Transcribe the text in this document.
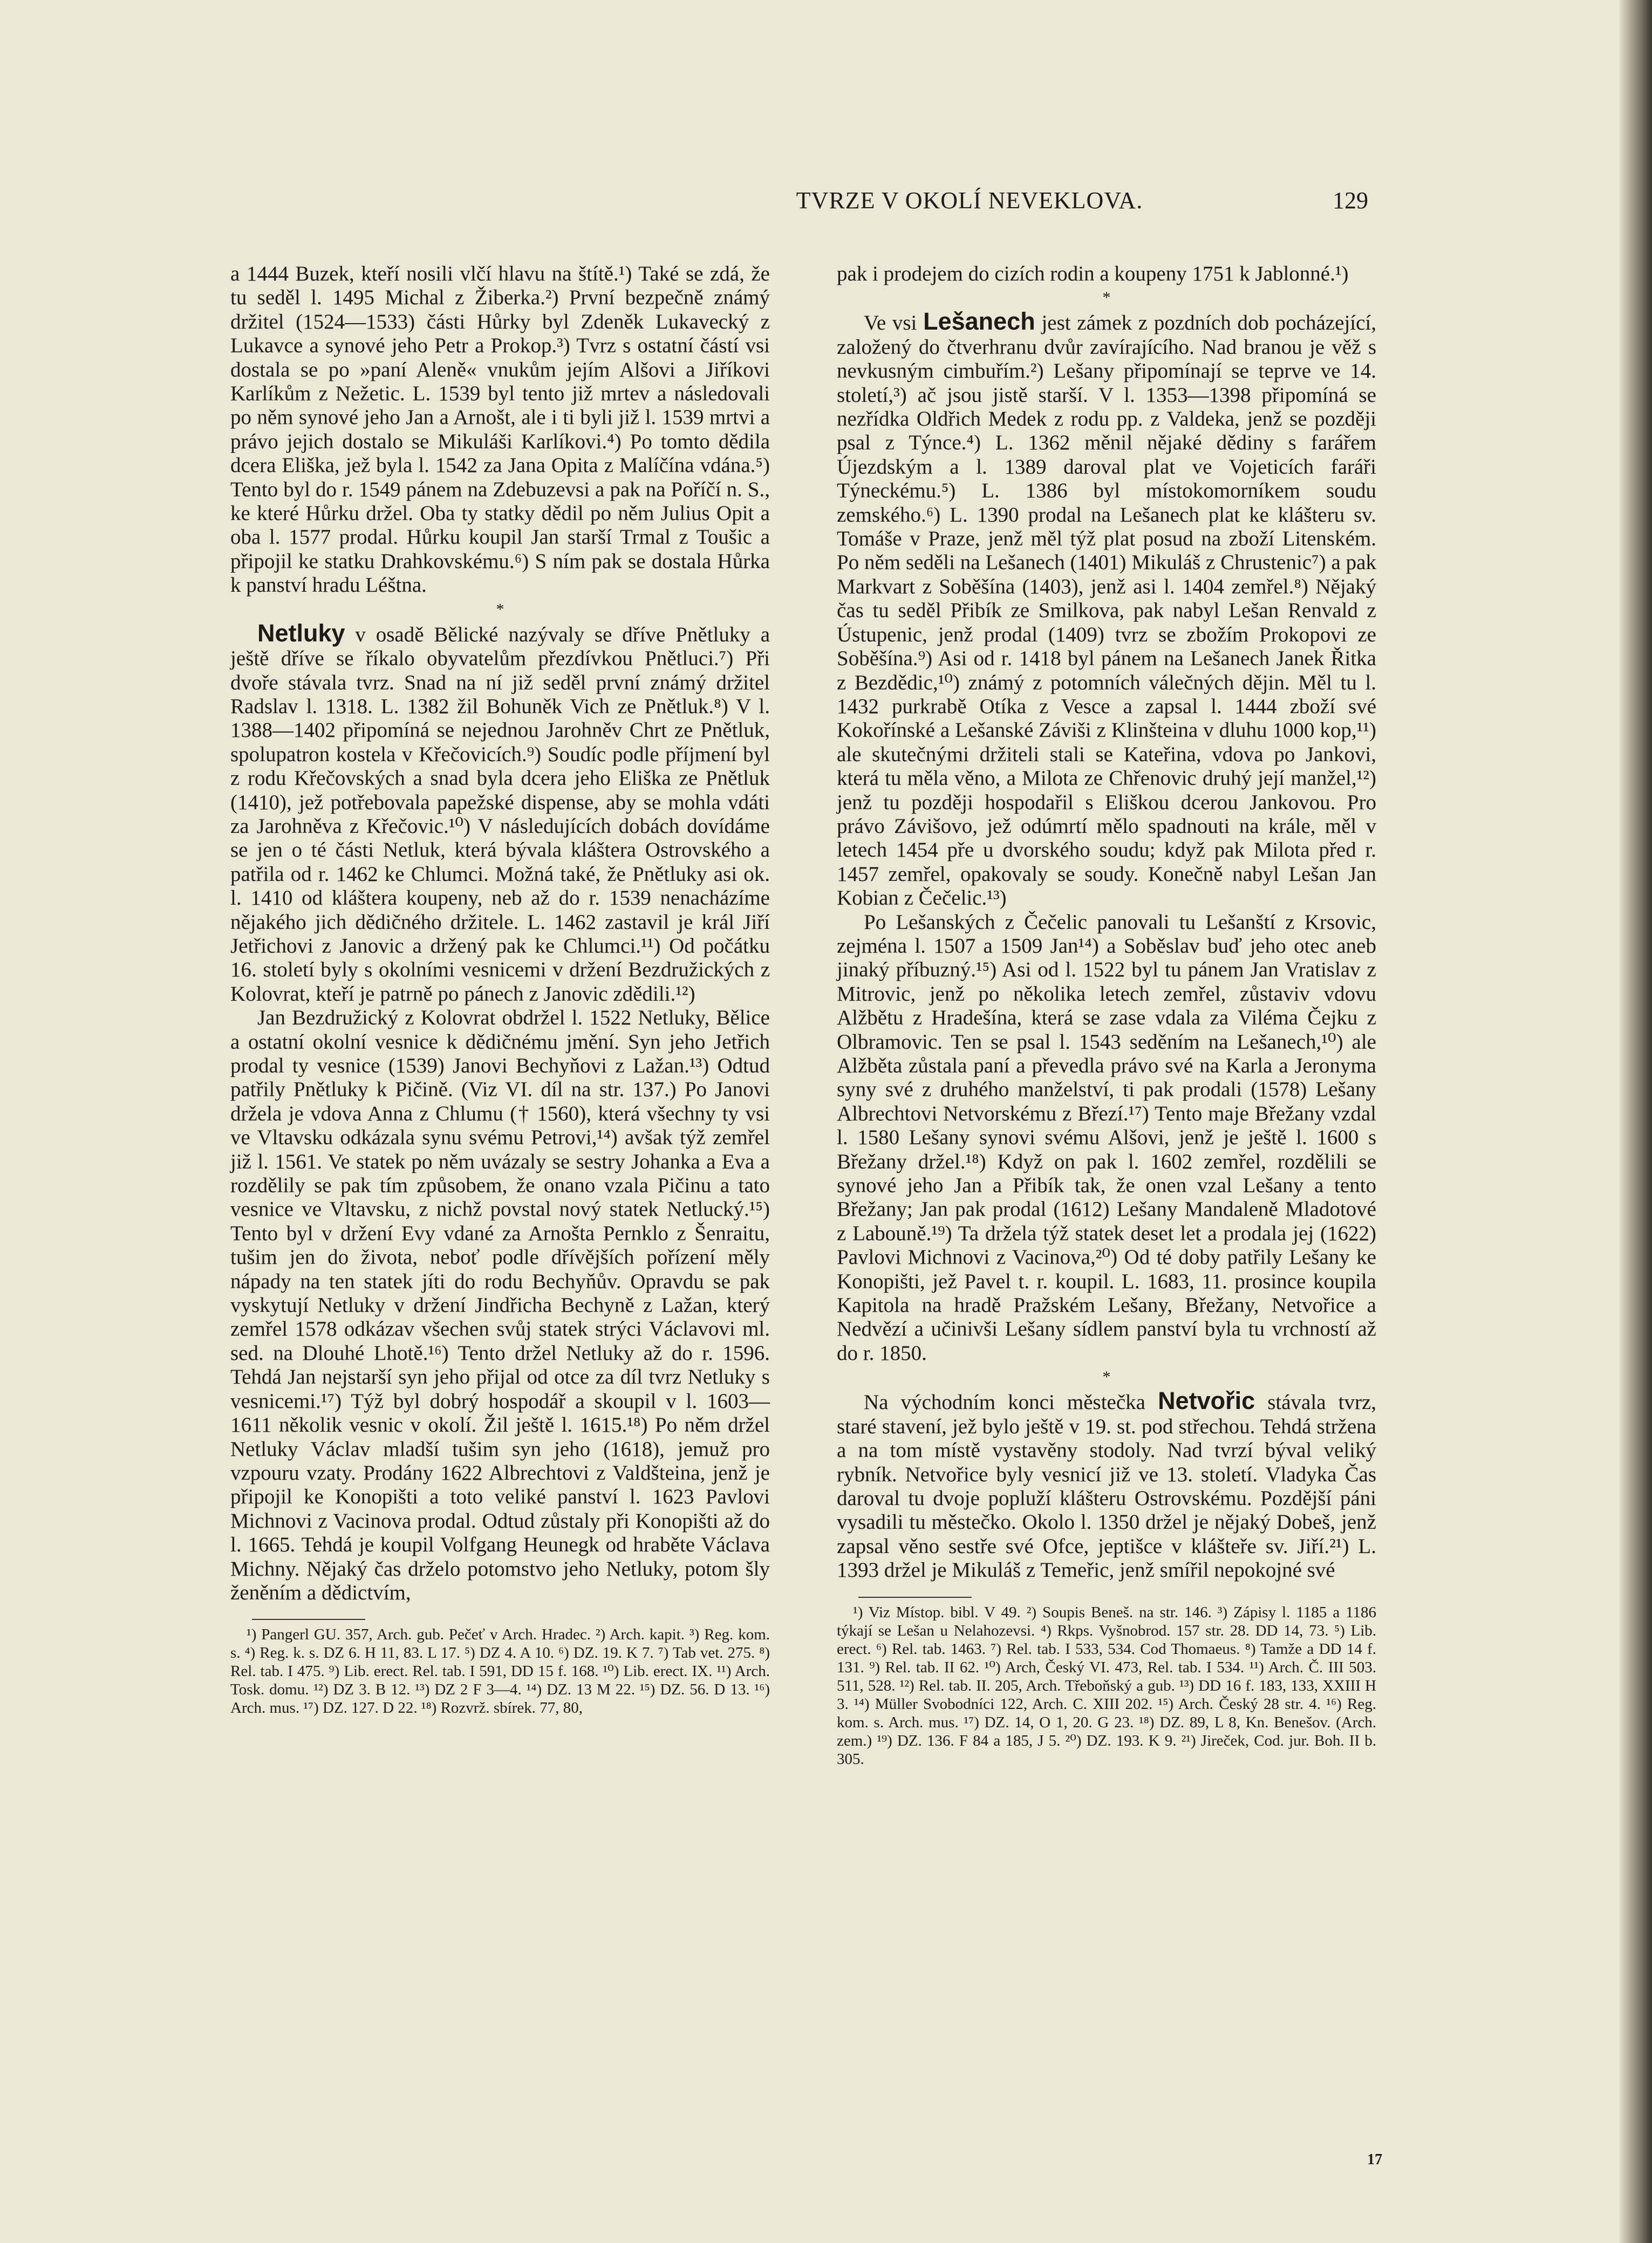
TVRZE V OKOLÍ NEVEKLOVA.	129

a 1444 Buzek, kteří nosili vlčí hlavu na štítě.¹) Také se zdá, že tu seděl l. 1495 Michal z Žiberka.²) První bezpečně známý držitel (1524—1533) části Hůrky byl Zdeněk Lukavecký z Lukavce a synové jeho Petr a Prokop.³) Tvrz s ostatní částí vsi dostala se po »paní Aleně« vnukům jejím Alšovi a Jiříkovi Karlíkům z Nežetic. L. 1539 byl tento již mrtev a následovali po něm synové jeho Jan a Arnošt, ale i ti byli již l. 1539 mrtvi a právo jejich dostalo se Mikuláši Karlíkovi.⁴) Po tomto dědila dcera Eliška, jež byla l. 1542 za Jana Opita z Malíčína vdána.⁵) Tento byl do r. 1549 pánem na Zdebuzevsi a pak na Poříčí n. S., ke které Hůrku držel. Oba ty statky dědil po něm Julius Opit a oba l. 1577 prodal. Hůrku koupil Jan starší Trmal z Toušic a připojil ke statku Drahkovskému.⁶) S ním pak se dostala Hůrka k panství hradu Léštna.

*

Netluky v osadě Bělické nazývaly se dříve Pnětluky a ještě dříve se říkalo obyvatelům přezdívkou Pnětluci.⁷) Při dvoře stávala tvrz. Snad na ní již seděl první známý držitel Radslav l. 1318. L. 1382 žil Bohuněk Vich ze Pnětluk.⁸) V l. 1388—1402 připomíná se nejednou Jarohněv Chrt ze Pnětluk, spolupatron kostela v Křečovicích.⁹) Soudíc podle příjmení byl z rodu Křečovských a snad byla dcera jeho Eliška ze Pnětluk (1410), jež potřebovala papežské dispense, aby se mohla vdáti za Jarohněva z Křečovic.¹⁰) V následujících dobách dovídáme se jen o té části Netluk, která bývala kláštera Ostrovského a patřila od r. 1462 ke Chlumci. Možná také, že Pnětluky asi ok. l. 1410 od kláštera koupeny, neb až do r. 1539 nenacházíme nějakého jich dědičného držitele. L. 1462 zastavil je král Jiří Jetřichovi z Janovic a držený pak ke Chlumci.¹¹) Od počátku 16. století byly s okolními vesnicemi v držení Bezdružických z Kolovrat, kteří je patrně po pánech z Janovic zdědili.¹²)

Jan Bezdružický z Kolovrat obdržel l. 1522 Netluky, Bělice a ostatní okolní vesnice k dědičnému jmění. Syn jeho Jetřich prodal ty vesnice (1539) Janovi Bechyňovi z Lažan.¹³) Odtud patřily Pnětluky k Pičině. (Viz VI. díl na str. 137.) Po Janovi držela je vdova Anna z Chlumu († 1560), která všechny ty vsi ve Vltavsku odkázala synu svému Petrovi,¹⁴) avšak týž zemřel již l. 1561. Ve statek po něm uvázaly se sestry Johanka a Eva a rozdělily se pak tím způsobem, že onano vzala Pičinu a tato vesnice ve Vltavsku, z nichž povstal nový statek Netlucký.¹⁵) Tento byl v držení Evy vdané za Arnošta Pernklo z Šenraitu, tušim jen do života, neboť podle dřívějších pořízení měly nápady na ten statek jíti do rodu Bechyňův. Opravdu se pak vyskytují Netluky v držení Jindřicha Bechyně z Lažan, který zemřel 1578 odkázav všechen svůj statek strýci Václavovi ml. sed. na Dlouhé Lhotě.¹⁶) Tento držel Netluky až do r. 1596. Tehdá Jan nejstarší syn jeho přijal od otce za díl tvrz Netluky s vesnicemi.¹⁷) Týž byl dobrý hospodář a skoupil v l. 1603—1611 několik vesnic v okolí. Žil ještě l. 1615.¹⁸) Po něm držel Netluky Václav mladší tušim syn jeho (1618), jemuž pro vzpouru vzaty. Prodány 1622 Albrechtovi z Valdšteina, jenž je připojil ke Konopišti a toto veliké panství l. 1623 Pavlovi Michnovi z Vacinova prodal. Odtud zůstaly při Konopišti až do l. 1665. Tehdá je koupil Volfgang Heunegk od hraběte Václava Michny. Nějaký čas drželo potomstvo jeho Netluky, potom šly ženěním a dědictvím,

¹) Pangerl GU. 357, Arch. gub. Pečeť v Arch. Hradec. ²) Arch. kapit. ³) Reg. kom. s. ⁴) Reg. k. s. DZ 6. H 11, 83. L 17. ⁵) DZ 4. A 10. ⁶) DZ. 19. K 7. ⁷) Tab vet. 275. ⁸) Rel. tab. I 475. ⁹) Lib. erect. Rel. tab. I 591, DD 15 f. 168. ¹⁰) Lib. erect. IX. ¹¹) Arch. Tosk. domu. ¹²) DZ 3. B 12. ¹³) DZ 2 F 3—4. ¹⁴) DZ. 13 M 22. ¹⁵) DZ. 56. D 13. ¹⁶) Arch. mus. ¹⁷) DZ. 127. D 22. ¹⁸) Rozvrž. sbírek. 77, 80,

pak i prodejem do cizích rodin a koupeny 1751 k Jablonné.¹)

*

Ve vsi Lešanech jest zámek z pozdních dob pocházející, založený do čtverhranu dvůr zavírajícího. Nad branou je věž s nevkusným cimbuřím.²) Lešany připomínají se teprve ve 14. století,³) ač jsou jistě starší. V l. 1353—1398 připomíná se nezřídka Oldřich Medek z rodu pp. z Valdeka, jenž se později psal z Týnce.⁴) L. 1362 měnil nějaké dědiny s farářem Újezdským a l. 1389 daroval plat ve Vojeticích faráři Týneckému.⁵) L. 1386 byl místokomorníkem soudu zemského.⁶) L. 1390 prodal na Lešanech plat ke klášteru sv. Tomáše v Praze, jenž měl týž plat posud na zboží Litenském. Po něm seděli na Lešanech (1401) Mikuláš z Chrustenic⁷) a pak Markvart z Soběšína (1403), jenž asi l. 1404 zemřel.⁸) Nějaký čas tu seděl Přibík ze Smilkova, pak nabyl Lešan Renvald z Ústupenic, jenž prodal (1409) tvrz se zbožím Prokopovi ze Soběšína.⁹) Asi od r. 1418 byl pánem na Lešanech Janek Řitka z Bezdědic,¹⁰) známý z potomních válečných dějin. Měl tu l. 1432 purkrabě Otíka z Vesce a zapsal l. 1444 zboží své Kokořínské a Lešanské Záviši z Klinšteina v dluhu 1000 kop,¹¹) ale skutečnými držiteli stali se Kateřina, vdova po Jankovi, která tu měla věno, a Milota ze Chřenovic druhý její manžel,¹²) jenž tu později hospodařil s Eliškou dcerou Jankovou. Pro právo Závišovo, jež odúmrtí mělo spadnouti na krále, měl v letech 1454 pře u dvorského soudu; když pak Milota před r. 1457 zemřel, opakovaly se soudy. Konečně nabyl Lešan Jan Kobian z Čečelic.¹³)

Po Lešanských z Čečelic panovali tu Lešanští z Krsovic, zejména l. 1507 a 1509 Jan¹⁴) a Soběslav buď jeho otec aneb jinaký příbuzný.¹⁵) Asi od l. 1522 byl tu pánem Jan Vratislav z Mitrovic, jenž po několika letech zemřel, zůstaviv vdovu Alžbětu z Hradešína, která se zase vdala za Viléma Čejku z Olbramovic. Ten se psal l. 1543 seděním na Lešanech,¹⁰) ale Alžběta zůstala paní a převedla právo své na Karla a Jeronyma syny své z druhého manželství, ti pak prodali (1578) Lešany Albrechtovi Netvorskému z Březí.¹⁷) Tento maje Břežany vzdal l. 1580 Lešany synovi svému Alšovi, jenž je ještě l. 1600 s Břežany držel.¹⁸) Když on pak l. 1602 zemřel, rozdělili se synové jeho Jan a Přibík tak, že onen vzal Lešany a tento Břežany; Jan pak prodal (1612) Lešany Mandaleně Mladotové z Labouně.¹⁹) Ta držela týž statek deset let a prodala jej (1622) Pavlovi Michnovi z Vacinova,²⁰) Od té doby patřily Lešany ke Konopišti, jež Pavel t. r. koupil. L. 1683, 11. prosince koupila Kapitola na hradě Pražském Lešany, Břežany, Netvořice a Nedvězí a učinivši Lešany sídlem panství byla tu vrchností až do r. 1850.

*

Na východním konci městečka Netvořic stávala tvrz, staré stavení, jež bylo ještě v 19. st. pod střechou. Tehdá stržena a na tom místě vystavěny stodoly. Nad tvrzí býval veliký rybník. Netvořice byly vesnicí již ve 13. století. Vladyka Čas daroval tu dvoje popluží klášteru Ostrovskému. Pozdější páni vysadili tu městečko. Okolo l. 1350 držel je nějaký Dobeš, jenž zapsal věno sestře své Ofce, jeptišce v klášteře sv. Jiří.²¹) L. 1393 držel je Mikuláš z Temeřic, jenž smířil nepokojné své

¹) Viz Místop. bibl. V 49. ²) Soupis Beneš. na str. 146. ³) Zápisy l. 1185 a 1186 týkají se Lešan u Nelahozevsi. ⁴) Rkps. Vyšnobrod. 157 str. 28. DD 14, 73. ⁵) Lib. erect. ⁶) Rel. tab. 1463. ⁷) Rel. tab. I 533, 534. Cod Thomaeus. ⁸) Tamže a DD 14 f. 131. ⁹) Rel. tab. II 62. ¹⁰) Arch, Český VI. 473, Rel. tab. I 534. ¹¹) Arch. Č. III 503. 511, 528. ¹²) Rel. tab. II. 205, Arch. Třeboňský a gub. ¹³) DD 16 f. 183, 133, XXIII H 3. ¹⁴) Müller Svobodníci 122, Arch. C. XIII 202. ¹⁵) Arch. Český 28 str. 4. ¹⁶) Reg. kom. s. Arch. mus. ¹⁷) DZ. 14, O 1, 20. G 23. ¹⁸) DZ. 89, L 8, Kn. Benešov. (Arch. zem.) ¹⁹) DZ. 136. F 84 a 185, J 5. ²⁰) DZ. 193. K 9. ²¹) Jireček, Cod. jur. Boh. II b. 305.

17
